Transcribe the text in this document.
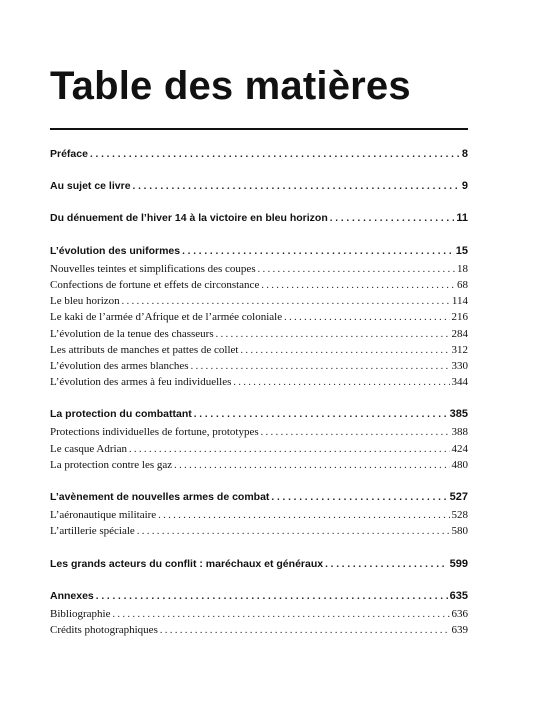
Table des matières
Préface . . .	8
Au sujet ce livre . . .	9
Du dénuement de l’hiver 14 à la victoire en bleu horizon . . .	11
L’évolution des uniformes . . .	15
Nouvelles teintes et simplifications des coupes . . .	18
Confections de fortune et effets de circonstance . . .	68
Le bleu horizon . . .	114
Le kaki de l’armée d’Afrique et de l’armée coloniale . . .	216
L’évolution de la tenue des chasseurs . . .	284
Les attributs de manches et pattes de collet . . .	312
L’évolution des armes blanches . . .	330
L’évolution des armes à feu individuelles . . .	344
La protection du combattant . . .	385
Protections individuelles de fortune, prototypes . . .	388
Le casque Adrian . . .	424
La protection contre les gaz . . .	480
L’avènement de nouvelles armes de combat . . .	527
L’aéronautique militaire . . .	528
L’artillerie spéciale . . .	580
Les grands acteurs du conflit : maréchaux et généraux . . .	599
Annexes . . .	635
Bibliographie . . .	636
Crédits photographiques . . .	639
